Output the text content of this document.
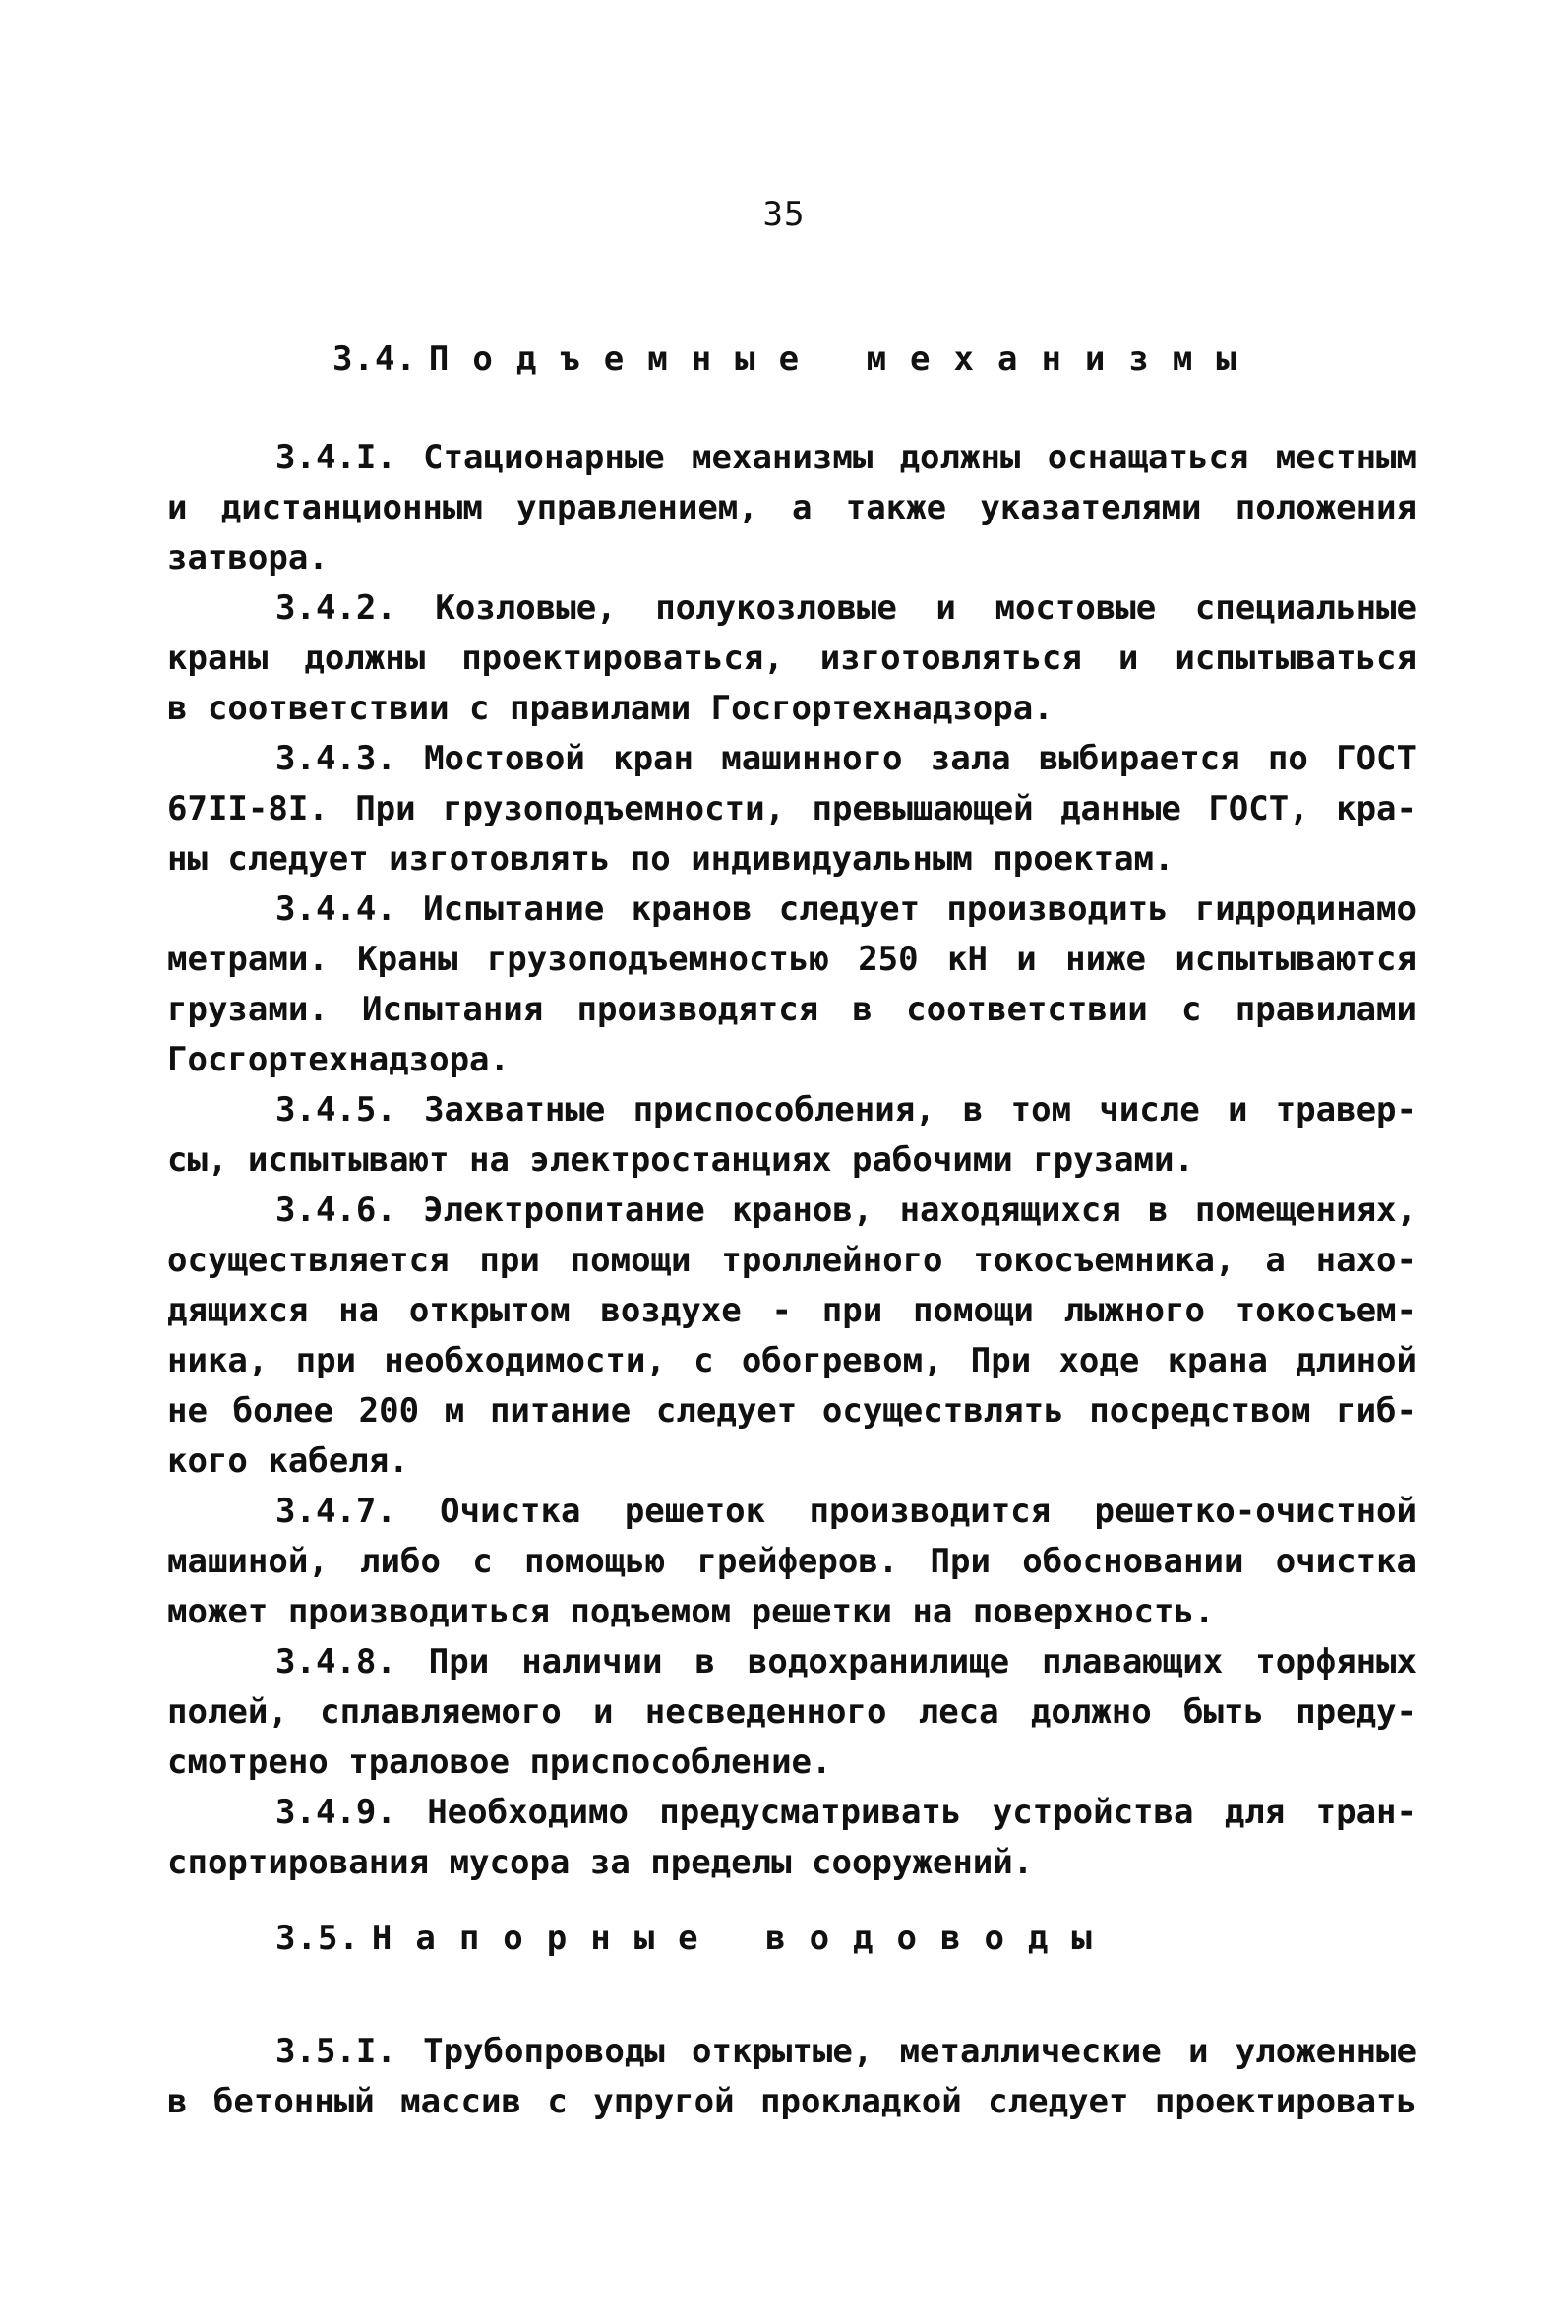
35
3.4. Подъемные механизмы
3.4.I. Стационарные механизмы должны оснащаться местным
и дистанционным управлением, а также указателями положения
затвора.
3.4.2. Козловые, полукозловые и мостовые специальные
краны должны проектироваться, изготовляться и испытываться
в соответствии с правилами Госгортехнадзора.
3.4.3. Мостовой кран машинного зала выбирается по ГОСТ
67II-8I. При грузоподъемности, превышающей данные ГОСТ, кра-
ны следует изготовлять по индивидуальным проектам.
3.4.4. Испытание кранов следует производить гидродинамо
метрами. Краны грузоподъемностью 250 кН и ниже испытываются
грузами. Испытания производятся в соответствии с правилами
Госгортехнадзора.
3.4.5. Захватные приспособления, в том числе и травер-
сы, испытывают на электростанциях рабочими грузами.
3.4.6. Электропитание кранов, находящихся в помещениях,
осуществляется при помощи троллейного токосъемника, а нахо-
дящихся на открытом воздухе - при помощи лыжного токосъем-
ника, при необходимости, с обогревом, При ходе крана длиной
не более 200 м питание следует осуществлять посредством гиб-
кого кабеля.
3.4.7. Очистка решеток производится решетко-очистной
машиной, либо с помощью грейферов. При обосновании очистка
может производиться подъемом решетки на поверхность.
3.4.8. При наличии в водохранилище плавающих торфяных
полей, сплавляемого и несведенного леса должно быть преду-
смотрено траловое приспособление.
3.4.9. Необходимо предусматривать устройства для тран-
спортирования мусора за пределы сооружений.
3.5. Напорные водоводы
3.5.I. Трубопроводы открытые, металлические и уложенные
в бетонный массив с упругой прокладкой следует проектировать
